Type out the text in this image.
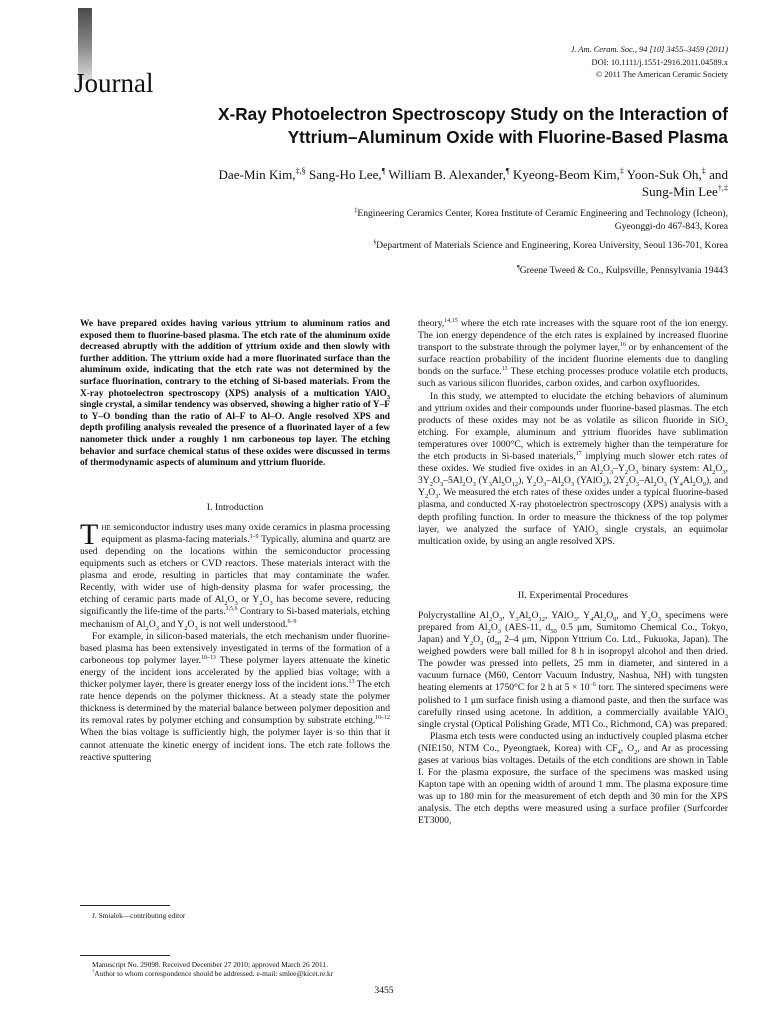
Journal
J. Am. Ceram. Soc., 94 [10] 3455–3459 (2011)
DOI: 10.1111/j.1551-2916.2011.04589.x
© 2011 The American Ceramic Society
X-Ray Photoelectron Spectroscopy Study on the Interaction of
Yttrium–Aluminum Oxide with Fluorine-Based Plasma
Dae-Min Kim,‡,§ Sang-Ho Lee,¶ William B. Alexander,¶ Kyeong-Beom Kim,‡ Yoon-Suk Oh,‡ and
Sung-Min Lee†,‡
‡Engineering Ceramics Center, Korea Institute of Ceramic Engineering and Technology (Icheon),
Gyeonggi-do 467-843, Korea
§Department of Materials Science and Engineering, Korea University, Seoul 136-701, Korea
¶Greene Tweed & Co., Kulpsville, Pennsylvania 19443

We have prepared oxides having various yttrium to aluminum ratios and exposed them to fluorine-based plasma. The etch rate of the aluminum oxide decreased abruptly with the addition of yttrium oxide and then slowly with further addition. The yttrium oxide had a more fluorinated surface than the aluminum oxide, indicating that the etch rate was not determined by the surface fluorination, contrary to the etching of Si-based materials. From the X-ray photoelectron spectroscopy (XPS) analysis of a multication YAlO$_3$ single crystal, a similar tendency was observed, showing a higher ratio of Y–F to Y–O bonding than the ratio of Al–F to Al–O. Angle resolved XPS and depth profiling analysis revealed the presence of a fluorinated layer of a few nanometer thick under a roughly 1 nm carboneous top layer. The etching behavior and surface chemical status of these oxides were discussed in terms of thermodynamic aspects of aluminum and yttrium fluoride.

I. Introduction

The semiconductor industry uses many oxide ceramics in plasma processing equipment as plasma-facing materials.$^{1-9}$ Typically, alumina and quartz are used depending on the locations within the semiconductor processing equipments such as etchers or CVD reactors. These materials interact with the plasma and erode, resulting in particles that may contaminate the wafer. Recently, with wider use of high-density plasma for wafer processing, the etching of ceramic parts made of $Al_2O_3$ or $Y_2O_3$ has become severe, reducing significantly the life-time of the parts.$^{1,5,6}$ Contrary to Si-based materials, etching mechanism of $Al_2O_3$ and $Y_2O_3$ is not well understood.$^{6-9}$

For example, in silicon-based materials, the etch mechanism under fluorine-based plasma has been extensively investigated in terms of the formation of a carboneous top polymer layer.$^{10-13}$ These polymer layers attenuate the kinetic energy of the incident ions accelerated by the applied bias voltage; with a thicker polymer layer, there is greater energy loss of the incident ions.$^{13}$ The etch rate hence depends on the polymer thickness. At a steady state the polymer thickness is determined by the material balance between polymer deposition and its removal rates by polymer etching and consumption by substrate etching.$^{10-12}$ When the bias voltage is sufficiently high, the polymer layer is so thin that it cannot attenuate the kinetic energy of incident ions. The etch rate follows the reactive sputtering

J. Smialek—contributing editor
Manuscript No. 29098. Received December 27 2010; approved March 26 2011.
†Author to whom correspondence should be addressed. e-mail: smlee@kicet.re.kr

theory,$^{14,15}$ where the etch rate increases with the square root of the ion energy. The ion energy dependence of the etch rates is explained by increased fluorine transport to the substrate through the polymer layer,$^{16}$ or by enhancement of the surface reaction probability of the incident fluorine elements due to dangling bonds on the surface.$^{13}$ These etching processes produce volatile etch products, such as various silicon fluorides, carbon oxides, and carbon oxyfluorides.

In this study, we attempted to elucidate the etching behaviors of aluminum and yttrium oxides and their compounds under fluorine-based plasmas. The etch products of these oxides may not be as volatile as silicon fluoride in SiO$_2$ etching. For example, aluminum and yttrium fluorides have sublimation temperatures over 1000°C, which is extremely higher than the temperature for the etch products in Si-based materials,$^{17}$ implying much slower etch rates of these oxides. We studied five oxides in an $Al_2O_3-Y_2O_3$ binary system: $Al_2O_3$, $3Y_2O_3-5Al_2O_3$ $(Y_3Al_5O_{12})$, $Y_2O_3-Al_2O_3$ (YAlO$_3$), $2Y_2O_3-Al_2O_3$ $(Y_4Al_2O_9)$, and $Y_2O_3$. We measured the etch rates of these oxides under a typical fluorine-based plasma, and conducted X-ray photoelectron spectroscopy (XPS) analysis with a depth profiling function. In order to measure the thickness of the top polymer layer, we analyzed the surface of YAlO$_3$ single crystals, an equimolar multication oxide, by using an angle resolved XPS.

II. Experimental Procedures

Polycrystalline $Al_2O_3$, $Y_3Al_5O_{12}$, YAlO$_3$, $Y_4Al_2O_9$, and $Y_2O_3$ specimens were prepared from $Al_2O_3$ (AES-11, $d_{50}$ 0.5 μm, Sumitomo Chemical Co., Tokyo, Japan) and $Y_2O_3$ ($d_{50}$ 2–4 μm, Nippon Yttrium Co. Ltd., Fukuoka, Japan). The weighed powders were ball milled for 8 h in isopropyl alcohol and then dried. The powder was pressed into pellets, 25 mm in diameter, and sintered in a vacuum furnace (M60, Centorr Vacuum Industry, Nashua, NH) with tungsten heating elements at 1750°C for 2 h at $5 \times 10^{-6}$ torr. The sintered specimens were polished to 1 μm surface finish using a diamond paste, and then the surface was carefully rinsed using acetone. In addition, a commercially available YAlO$_3$ single crystal (Optical Polishing Grade, MTI Co., Richmond, CA) was prepared.

Plasma etch tests were conducted using an inductively coupled plasma etcher (NIE150, NTM Co., Pyeongtaek, Korea) with $CF_4$, $O_2$, and Ar as processing gases at various bias voltages. Details of the etch conditions are shown in Table I. For the plasma exposure, the surface of the specimens was masked using Kapton tape with an opening width of around 1 mm. The plasma exposure time was up to 180 min for the measurement of etch depth and 30 min for the XPS analysis. The etch depths were measured using a surface profiler (Surfcorder ET3000,

3455
